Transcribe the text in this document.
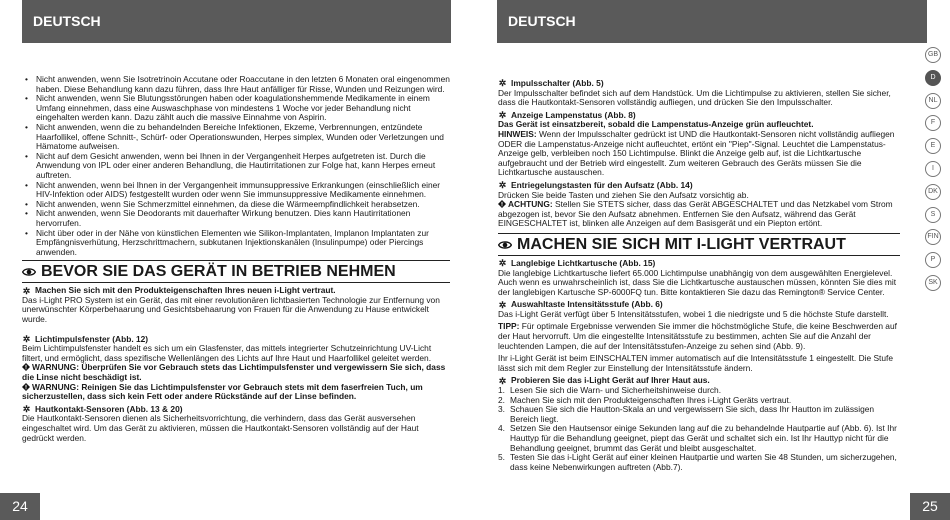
DEUTSCH
• Nicht anwenden, wenn Sie Isotretrinoin Accutane oder Roaccutane in den letzten 6 Monaten oral eingenommen haben. Diese Behandlung kann dazu führen, dass Ihre Haut anfälliger für Risse, Wunden und Reizungen wird.
• Nicht anwenden, wenn Sie Blutungsstörungen haben oder koagulationshemmende Medikamente in einem Umfang einnehmen, dass eine Auswaschphase von mindestens 1 Woche vor jeder Behandlung nicht eingehalten werden kann. Dazu zählt auch die massive Einnahme von Aspirin.
• Nicht anwenden, wenn die zu behandelnden Bereiche Infektionen, Ekzeme, Verbrennungen, entzündete Haarfollikel, offene Schnitt-, Schürf- oder Operationswunden, Herpes simplex, Wunden oder Verletzungen und Hämatome aufweisen.
• Nicht auf dem Gesicht anwenden, wenn bei Ihnen in der Vergangenheit Herpes aufgetreten ist. Durch die Anwendung von IPL oder einer anderen Behandlung, die Hautirritationen zur Folge hat, kann Herpes erneut auftreten.
• Nicht anwenden, wenn bei Ihnen in der Vergangenheit immunsuppressive Erkrankungen (einschließlich einer HIV-Infektion oder AIDS) festgestellt wurden oder wenn Sie immunsuppressive Medikamente einnehmen.
• Nicht anwenden, wenn Sie Schmerzmittel einnehmen, da diese die Wärmeempfindlichkeit herabsetzen.
• Nicht anwenden, wenn Sie Deodorants mit dauerhafter Wirkung benutzen. Dies kann Hautirritationen hervorrufen.
• Nicht über oder in der Nähe von künstlichen Elementen wie Silikon-Implantaten, Implanon Implantaten zur Empfängnisverhütung, Herzschrittmachern, subkutanen Injektionskanälen (Insulinpumpe) oder Piercings anwenden.
BEVOR SIE DAS GERÄT IN BETRIEB NEHMEN
✲ Machen Sie sich mit den Produkteigenschaften Ihres neuen i-Light vertraut.
Das i-Light PRO System ist ein Gerät, das mit einer revolutionären lichtbasierten Technologie zur Entfernung von unerwünschter Körperbehaarung und Gesichtsbehaarung von Frauen für die Anwendung zu Hause entwickelt wurde.
✲ Lichtimpulsfenster (Abb. 12)
Beim Lichtimpulsfenster handelt es sich um ein Glasfenster, das mittels integrierter Schutzeinrichtung UV-Licht filtert, und ermöglicht, dass spezifische Wellenlängen des Lichts auf Ihre Haut und Haarfollikel geleitet werden.
WARNUNG: Überprüfen Sie vor Gebrauch stets das Lichtimpulsfenster und vergewissern Sie sich, dass die Linse nicht beschädigt ist.
WARNUNG: Reinigen Sie das Lichtimpulsfenster vor Gebrauch stets mit dem faserfreien Tuch, um sicherzustellen, dass sich kein Fett oder andere Rückstände auf der Linse befinden.
✲ Hautkontakt-Sensoren (Abb. 13 & 20)
Die Hautkontakt-Sensoren dienen als Sicherheitsvorrichtung, die verhindern, dass das Gerät ausversehen eingeschaltet wird. Um das Gerät zu aktivieren, müssen die Hautkontakt-Sensoren vollständig auf der Haut gedrückt werden.
24
DEUTSCH
✲ Impulsschalter (Abb. 5)
Der Impulsschalter befindet sich auf dem Handstück. Um die Lichtimpulse zu aktivieren, stellen Sie sicher, dass die Hautkontakt-Sensoren vollständig aufliegen, und drücken Sie den Impulsschalter.
✲ Anzeige Lampenstatus (Abb. 8)
Das Gerät ist einsatzbereit, sobald die Lampenstatus-Anzeige grün aufleuchtet.
HINWEIS: Wenn der Impulsschalter gedrückt ist UND die Hautkontakt-Sensoren nicht vollständig aufliegen ODER die Lampenstatus-Anzeige nicht aufleuchtet, ertönt ein "Piep"-Signal. Leuchtet die Lampenstatus-Anzeige gelb, verbleiben noch 150 Lichtimpulse. Blinkt die Anzeige gelb auf, ist die Lichtkartusche aufgebraucht und der Betrieb wird eingestellt. Zum weiteren Gebrauch des Geräts müssen Sie die Lichtkartusche austauschen.
✲ Entriegelungstasten für den Aufsatz (Abb. 14)
Drücken Sie beide Tasten und ziehen Sie den Aufsatz vorsichtig ab.
ACHTUNG: Stellen Sie STETS sicher, dass das Gerät ABGESCHALTET und das Netzkabel vom Strom abgezogen ist, bevor Sie den Aufsatz abnehmen. Entfernen Sie den Aufsatz, während das Gerät EINGESCHALTET ist, blinken alle Anzeigen auf dem Basisgerät und ein Piepton ertönt.
MACHEN SIE SICH MIT I-LIGHT VERTRAUT
✲ Langlebige Lichtkartusche (Abb. 15)
Die langlebige Lichtkartusche liefert 65.000 Lichtimpulse unabhängig von dem ausgewählten Energielevel. Auch wenn es unwahrscheinlich ist, dass Sie die Lichtkartusche austauschen müssen, könnten Sie dies mit der langlebigen Kartusche SP-6000FQ tun. Bitte kontaktieren Sie dazu das Remington® Service Center.
✲ Auswahltaste Intensitätsstufe (Abb. 6)
Das i-Light Gerät verfügt über 5 Intensitätsstufen, wobei 1 die niedrigste und 5 die höchste Stufe darstellt.
TIPP: Für optimale Ergebnisse verwenden Sie immer die höchstmögliche Stufe, die keine Beschwerden auf der Haut hervorruft. Um die eingestellte Intensitätsstufe zu bestimmen, achten Sie auf die Anzahl der leuchtenden Lampen, die auf der Intensitätsstufen-Anzeige zu sehen sind (Abb. 9).
Ihr i-Light Gerät ist beim EINSCHALTEN immer automatisch auf die Intensitätsstufe 1 eingestellt. Die Stufe lässt sich mit dem Regler zur Einstellung der Intensitätsstufe ändern.
✲ Probieren Sie das i-Light Gerät auf Ihrer Haut aus.
1. Lesen Sie sich die Warn- und Sicherheitshinweise durch.
2. Machen Sie sich mit den Produkteigenschaften Ihres i-Light Geräts vertraut.
3. Schauen Sie sich die Hautton-Skala an und vergewissern Sie sich, dass Ihr Hautton im zulässigen Bereich liegt.
4. Setzen Sie den Hautsensor einige Sekunden lang auf die zu behandelnde Hautpartie auf (Abb. 6). Ist Ihr Hauttyp für die Behandlung geeignet, piept das Gerät und schaltet sich ein. Ist Ihr Hauttyp nicht für die Behandlung geeignet, brummt das Gerät und bleibt ausgeschaltet.
5. Testen Sie das i-Light Gerät auf einer kleinen Hautpartie und warten Sie 48 Stunden, um sicherzugehen, dass keine Nebenwirkungen auftreten (Abb.7).
GB
D
NL
F
E
I
DK
S
FIN
P
SK
25
